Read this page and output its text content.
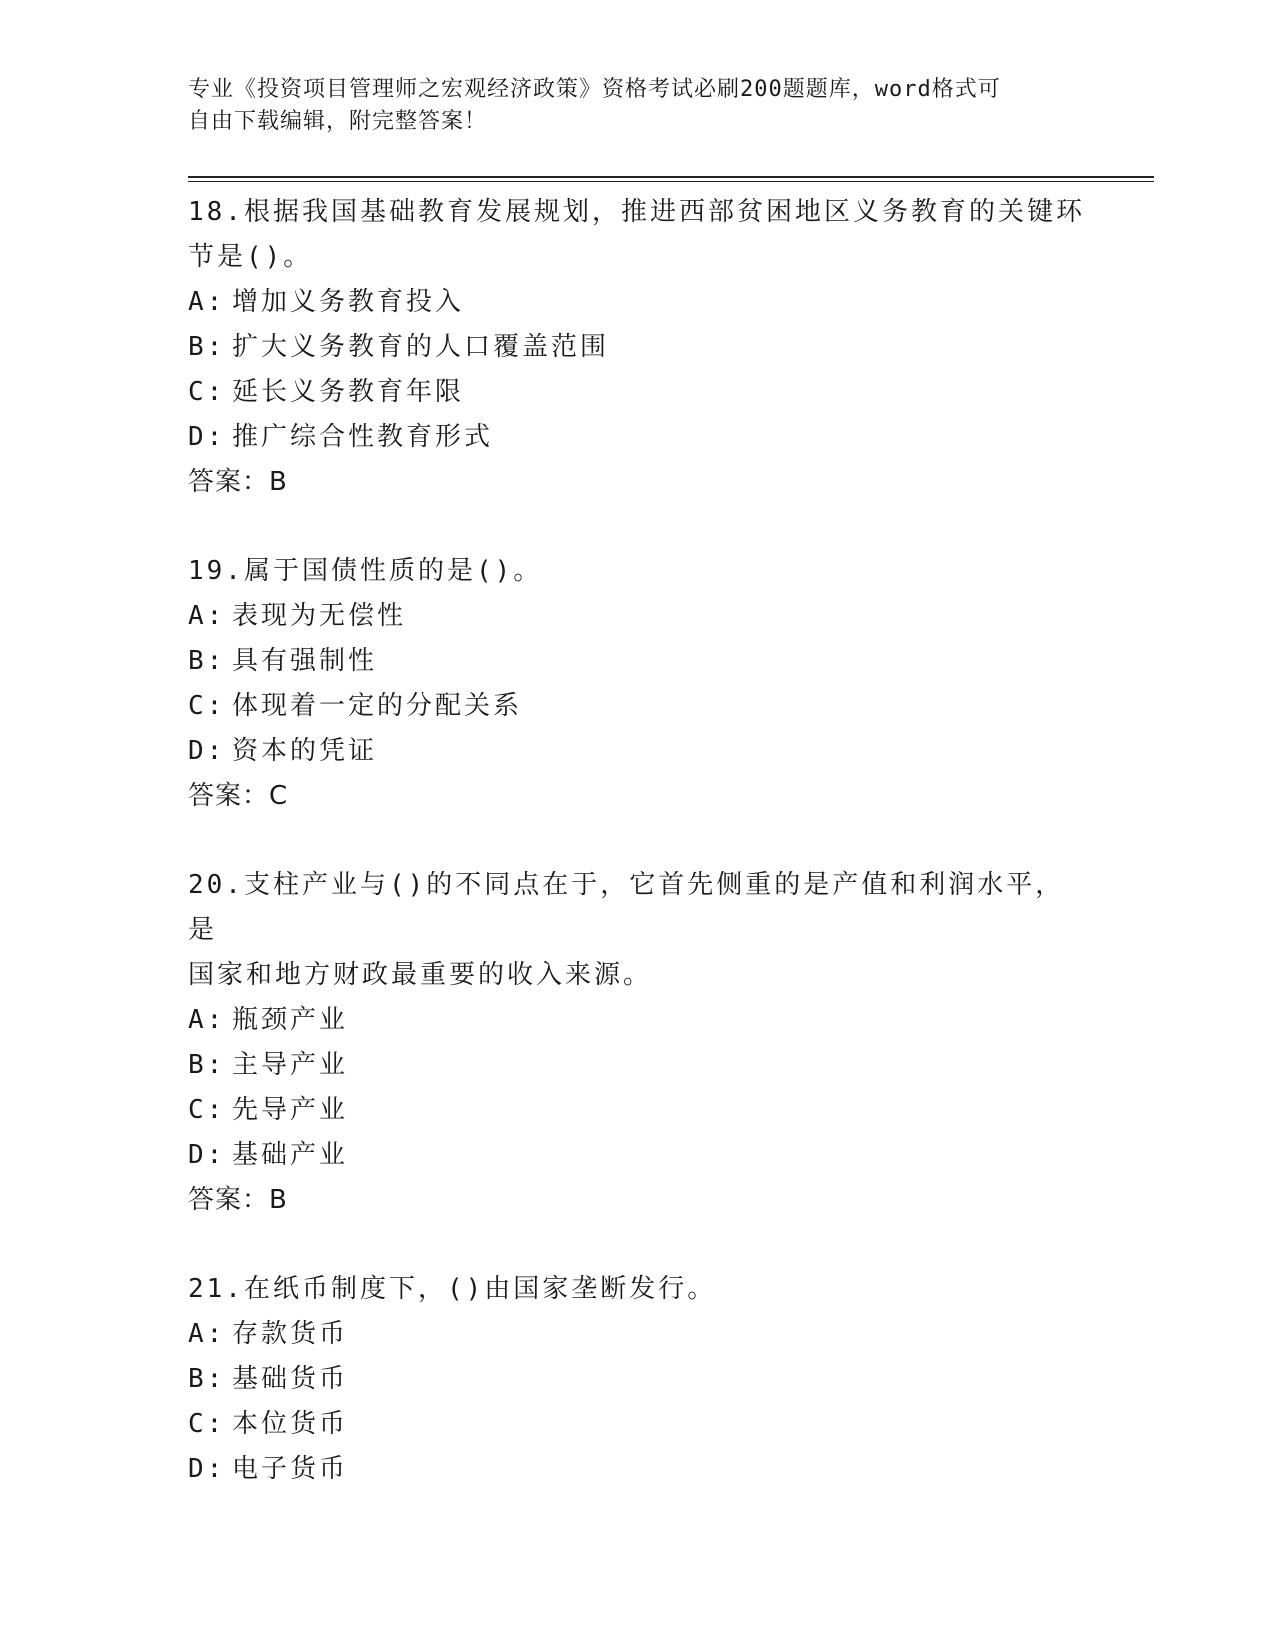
专业《投资项目管理师之宏观经济政策》资格考试必刷200题题库，word格式可
自由下载编辑，附完整答案！

18.根据我国基础教育发展规划，推进西部贫困地区义务教育的关键环
节是()。

A: 增加义务教育投入

B: 扩大义务教育的人口覆盖范围

C: 延长义务教育年限

D: 推广综合性教育形式

答案：B

19.属于国债性质的是()。

A: 表现为无偿性

B: 具有强制性

C: 体现着一定的分配关系

D: 资本的凭证

答案：C

20.支柱产业与()的不同点在于，它首先侧重的是产值和利润水平，是
国家和地方财政最重要的收入来源。

A: 瓶颈产业

B: 主导产业

C: 先导产业

D: 基础产业

答案：B

21.在纸币制度下，()由国家垄断发行。

A: 存款货币

B: 基础货币

C: 本位货币

D: 电子货币
